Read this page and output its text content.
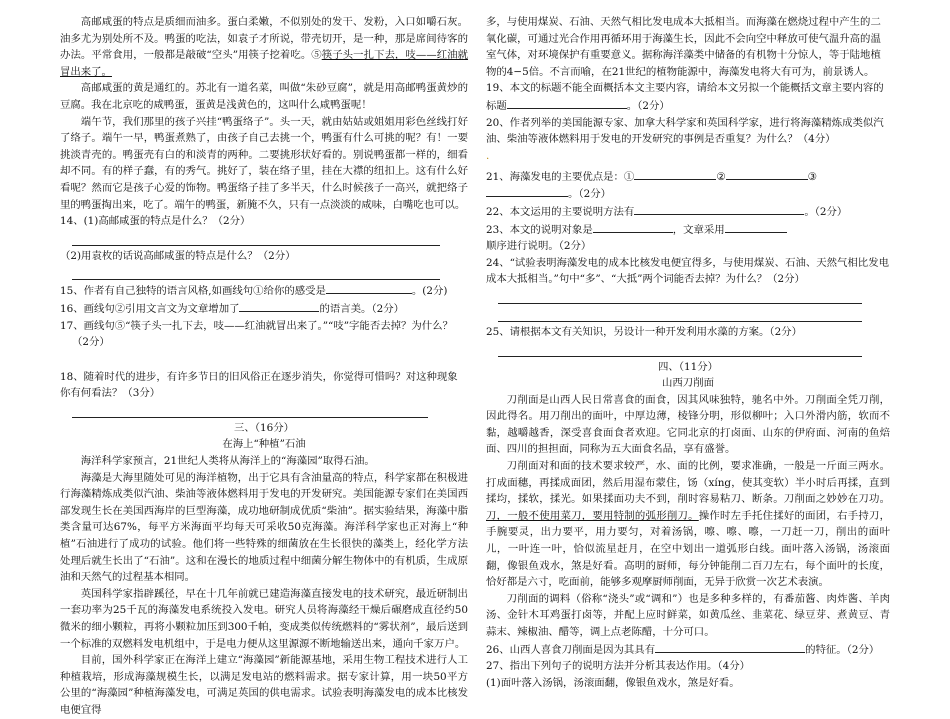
高邮咸蛋的特点是质细而油多。蛋白柔嫩，不似别处的发干、发粉，入口如嚼石灰。油多尤为别处所不及。鸭蛋的吃法，如袁子才所说，带壳切开，是一种，那是席间待客的办法。平常食用，一般都是敲破“空头”用筷子挖着吃。⑤筷子头一扎下去，吱——红油就冒出来了。

高邮咸蛋的黄是通红的。苏北有一道名菜，叫做“朱砂豆腐”，就是用高邮鸭蛋黄炒的豆腐。我在北京吃的咸鸭蛋，蛋黄是浅黄色的，这叫什么咸鸭蛋呢！

端午节，我们那里的孩子兴挂“鸭蛋络子”。头一天，就由姑姑或姐姐用彩色丝线打好了络子。端午一早，鸭蛋煮熟了，由孩子自己去挑一个，鸭蛋有什么可挑的呢？有！一要挑淡青壳的。鸭蛋壳有白的和淡青的两种。二要挑形状好看的。别说鸭蛋都一样的，细看却不同。有的样子蠢，有的秀气。挑好了，装在络子里，挂在大襟的纽扣上。这有什么好看呢？然而它是孩子心爱的饰物。鸭蛋络子挂了多半天，什么时候孩子一高兴，就把络子里的鸭蛋掏出来，吃了。端午的鸭蛋，新腌不久，只有一点淡淡的咸味，白嘴吃也可以。

14、(1)高邮咸蛋的特点是什么？（2分）

（2)用袁枚的话说高邮咸蛋的特点是什么？（2分）

15、作者有自己独特的语言风格,如画线句①给你的感受是	。(2分)

16、画线句②引用文言文为文章增加了	的语言美。（2分）

17、画线句⑤“筷子头一扎下去，吱——红油就冒出来了。”“吱”字能否去掉？为什么？

（2分）

18、随着时代的进步，有许多节日的旧风俗正在逐步消失，你觉得可惜吗？对这种现象你有何看法？（3分）

三、（16分）

在海上“种植”石油

海洋科学家预言，21世纪人类将从海洋上的“海藻园”取得石油。

海藻是大海里随处可见的海洋植物，出于它具有含油量高的特点，科学家都在积极进行海藻精炼成类似汽油、柴油等液体燃料用于发电的开发研究。美国能源专家们在美国西部发现生长在美国西海岸的巨型海藻，成功地研制成优质“柴油”。据实验结果，海藻中脂类含量可达67%，每平方米海面平均每天可采收50克海藻。海洋科学家也正对海上“种植”石油进行了成功的试验。他们将一些特殊的细菌放在生长很快的藻类上，经化学方法处理后就生长出了“石油”。这和在漫长的地质过程中细菌分解生物体中的有机质，生成原油和天然气的过程基本相同。

英国科学家指辟蹊径，早在十几年前就已建造海藻直接发电的技术研究，最近研制出一套功率为25千瓦的海藻发电系统投入发电。研究人员将海藻经干燥后碾磨成直径约50微米的细小颗粒，再将小颗粒加压到300千帕，变成类似传统燃料的“雾状剂”，最后送到一个标准的双燃料发电机组中，于是电力便从这里源源不断地输送出来，通向千家万户。

目前，国外科学家正在海洋上建立“海藻园”新能源基地，采用生物工程技术进行人工种植栽培，形成海藻规模生长，以满足发电站的燃料需求。据专家计算，用一块50平方公里的“海藻园”种植海藻发电，可满足英国的供电需求。试验表明海藻发电的成本比核发电便宜得

多，与使用煤炭、石油、天然气相比发电成本大抵相当。而海藻在燃烧过程中产生的二氧化碳，可通过光合作用再循环用于海藻生长，因此不会向空中释放可使气温升高的温室气体，对环境保护有重要意义。据称海洋藻类中储备的有机物十分惊人，等于陆地植物的4−5倍。不言而喻，在21世纪的植物能源中，海藻发电将大有可为，前景诱人。

19、本文的标题不能全面概括本文主要内容，请给本文另拟一个能概括文章主要内容的标题	。（2分）

20、作者列举的美国能源专家、加拿大科学家和英国科学家，进行将海藻精炼成类似汽油、柴油等液体燃料用于发电的开发研究的事例是否重复？为什么？（4分）

.

21、海藻发电的主要优点是：①	②	③。（2分）

22、本文运用的主要说明方法有	。（2分）

23、本文的说明对象是	，文章采用顺序进行说明。（2分）

24、“试验表明海藻发电的成本比核发电便宜得多，与使用煤炭、石油、天然气相比发电成本大抵相当。”句中“多”、“大抵”两个词能否去掉？为什么？（2分）

25、请根据本文有关知识，另设计一种开发利用水藻的方案。（2分）

四、（11分）

山西刀削面

刀削面是山西人民日常喜食的面食，因其风味独特，驰名中外。刀削面全凭刀削，因此得名。用刀削出的面叶，中厚边薄，棱锋分明，形似柳叶；入口外滑内筋，软而不黏，越嚼越香，深受喜食面食者欢迎。它同北京的打卤面、山东的伊府面、河南的鱼焙面、四川的担担面，同称为五大面食名品，享有盛誉。

刀削面对和面的技术要求较严，水、面的比例，要求准确，一般是一斤面三两水。打成面穗，再揉成面团，然后用湿布蒙住，饧（xíng，使其变软）半小时后再揉，直到揉均，揉软，揉光。如果揉面功夫不到，削时容易粘刀、断条。刀削面之妙妙在刀功。刀，一般不使用菜刀，要用特制的弧形削刀。操作时左手托住揉好的面团，右手持刀，手腕要灵，出力要平，用力要匀，对着汤锅，嚓、嚓、嚓，一刀赶一刀，削出的面叶儿，一叶连一叶，恰似流星赶月，在空中划出一道弧形白线。面叶落入汤锅，汤滚面翻，像银鱼戏水，煞是好看。高明的厨师，每分钟能削二百刀左右，每个面叶的长度，恰好都是六寸，吃面前，能够多观摩厨师削面，无异于欣赏一次艺术表演。

刀削面的调料（俗称“浇头”或“调和”）也是多种多样的，有番茄酱、肉炸酱、羊肉汤、金针木耳鸡蛋打卤等，并配上应时鲜菜，如黄瓜丝、韭菜花、绿豆芽、煮黄豆、青蒜末、辣椒油、醋等，调上点老陈醋，十分可口。

26、山西人喜食刀削面是因为其具有	的特征。（2分）

27、指出下列句子的说明方法并分析其表达作用。（4分）

(1)面叶落入汤锅，汤滚面翻，像银鱼戏水，煞是好看。
